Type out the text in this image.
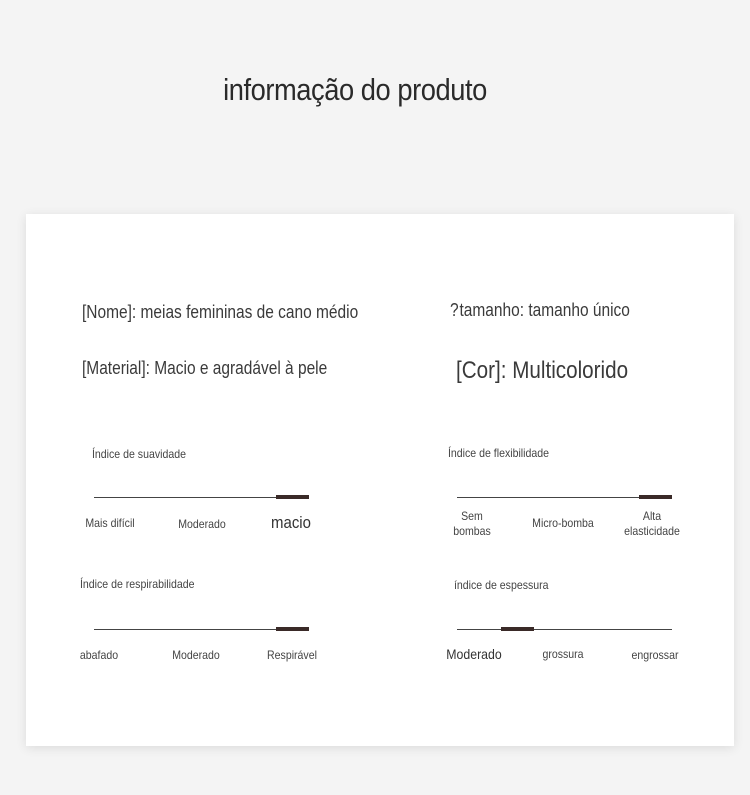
informação do produto
[Nome]: meias femininas de cano médio	?tamanho: tamanho único
[Material]: Macio e agradável à pele	[Cor]: Multicolorido
Índice de suavidade
Mais difícil	Moderado	macio
Índice de flexibilidade
Sem
bombas
Micro-bomba	Alta
elasticidade
Índice de respirabilidade
abafado	Moderado	Respirável
índice de espessura
Moderado	grossura	engrossar
